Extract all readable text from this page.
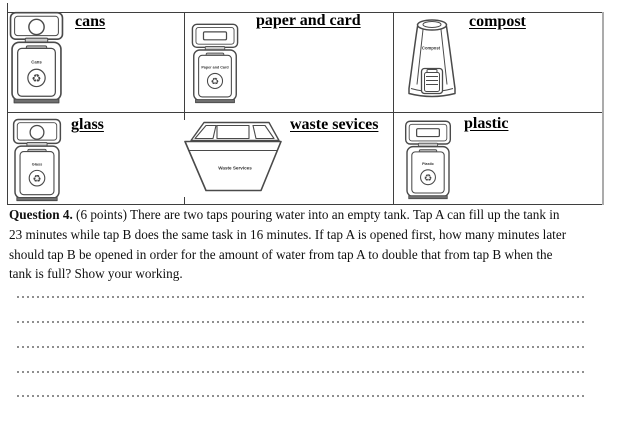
Cans
♻
Paper and Card
♻
Compost
Glass
♻
Waste Services
Plastic
♻
cans	paper and card	compost
glass	waste sevices	plastic
Question 4. (6 points) There are two taps pouring water into an empty tank. Tap A can fill up the tank in
23 minutes while tap B does the same task in 16 minutes. If tap A is opened first, how many minutes later
should tap B be opened in order for the amount of water from tap A to double that from tap B when the
tank is full? Show your working.
